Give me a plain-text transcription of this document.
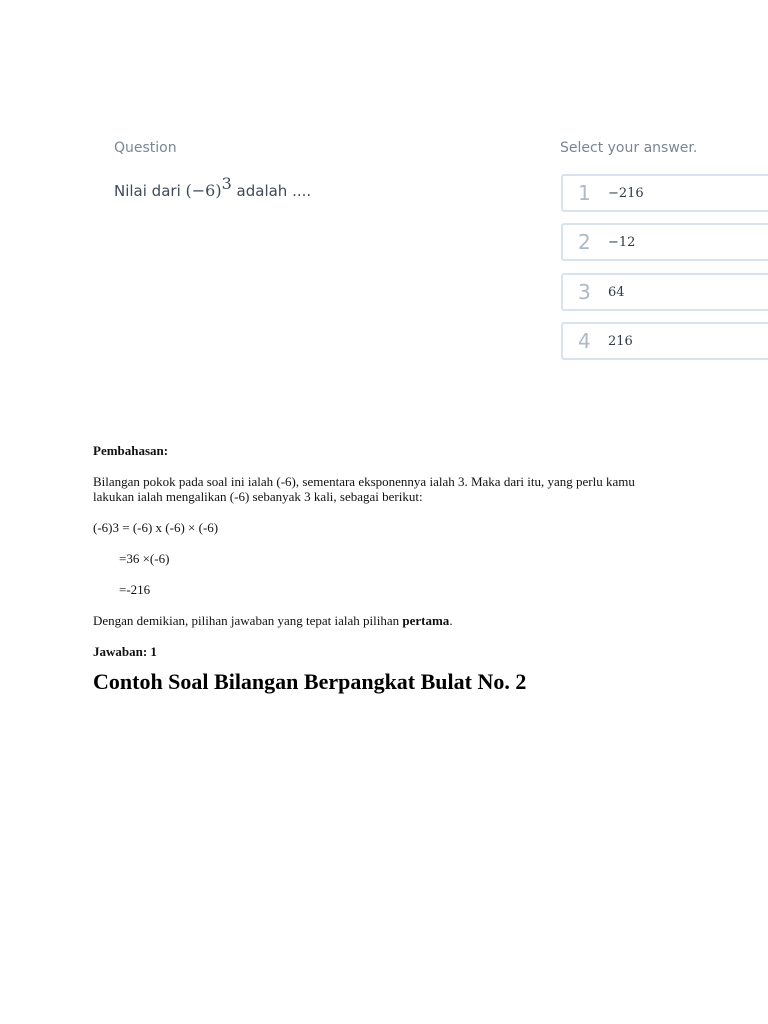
Question
Nilai dari $(-6)^3$ adalah ....
Select your answer.
1 −216
2 −12
3 64
4 216

Pembahasan:

Bilangan pokok pada soal ini ialah (-6), sementara eksponennya ialah 3. Maka dari itu, yang perlu kamu lakukan ialah mengalikan (-6) sebanyak 3 kali, sebagai berikut:

(-6)3 = (-6) x (-6) × (-6)

=36 ×(-6)

=-216

Dengan demikian, pilihan jawaban yang tepat ialah pilihan pertama.

Jawaban: 1

Contoh Soal Bilangan Berpangkat Bulat No. 2
